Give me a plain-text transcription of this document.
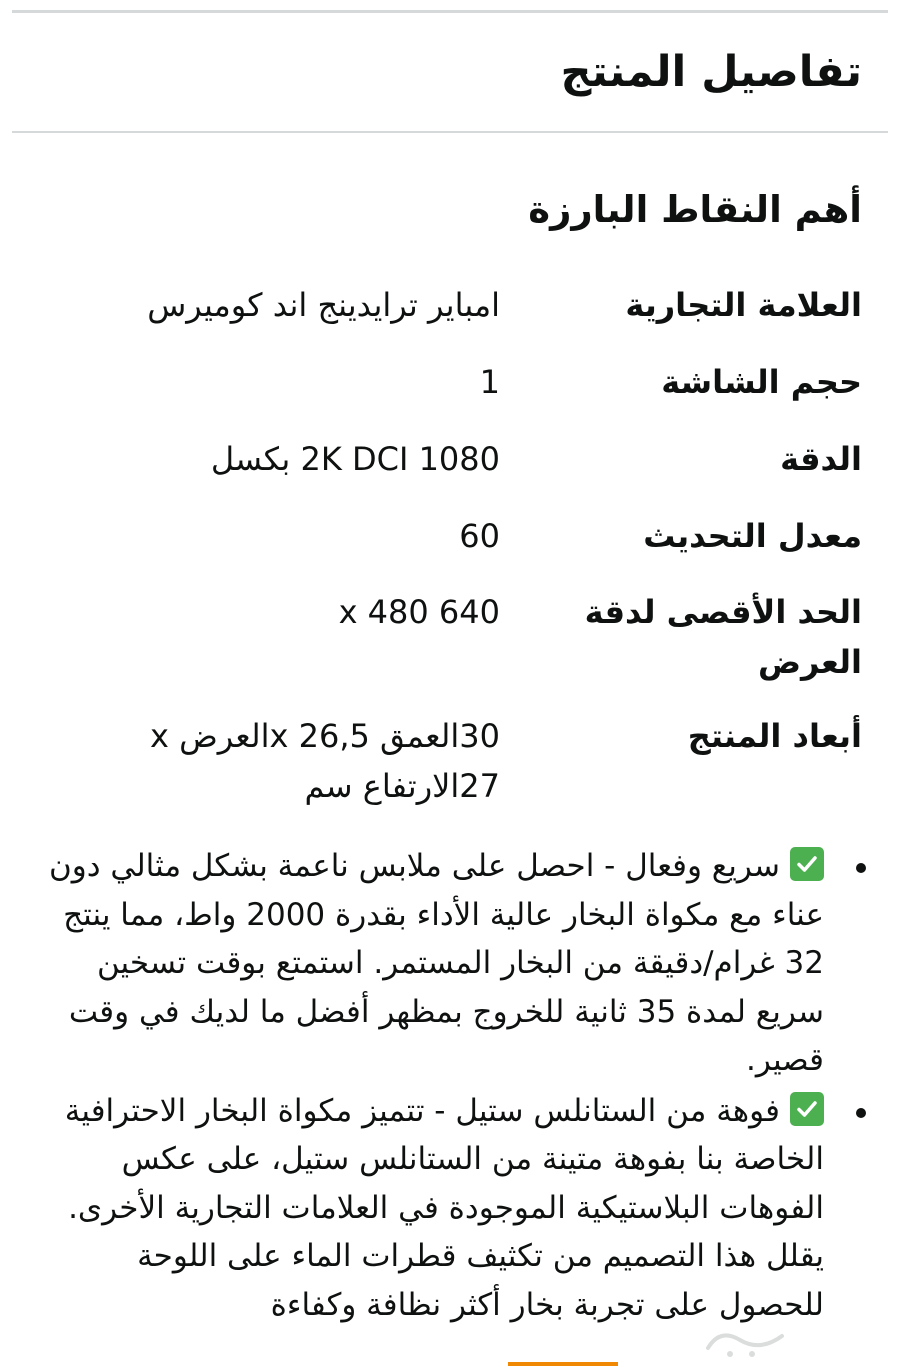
تفاصيل المنتج
أهم النقاط البارزة
العلامة التجارية
امباير ترايدينج اند كوميرس
حجم الشاشة
1
الدقة
2K DCI 1080 بكسل
معدل التحديث
60
الحد الأقصى لدقة العرض
x 480 640
أبعاد المنتج
30العمق x 26,5العرض x 27الارتفاع سم
سريع وفعال - احصل على ملابس ناعمة بشكل مثالي دون عناء مع مكواة البخار عالية الأداء بقدرة 2000 واط، مما ينتج 32 غرام/دقيقة من البخار المستمر. استمتع بوقت تسخين سريع لمدة 35 ثانية للخروج بمظهر أفضل ما لديك في وقت قصير.
فوهة من الستانلس ستيل - تتميز مكواة البخار الاحترافية الخاصة بنا بفوهة متينة من الستانلس ستيل، على عكس الفوهات البلاستيكية الموجودة في العلامات التجارية الأخرى. يقلل هذا التصميم من تكثيف قطرات الماء على اللوحة للحصول على تجربة بخار أكثر نظافة وكفاءة
